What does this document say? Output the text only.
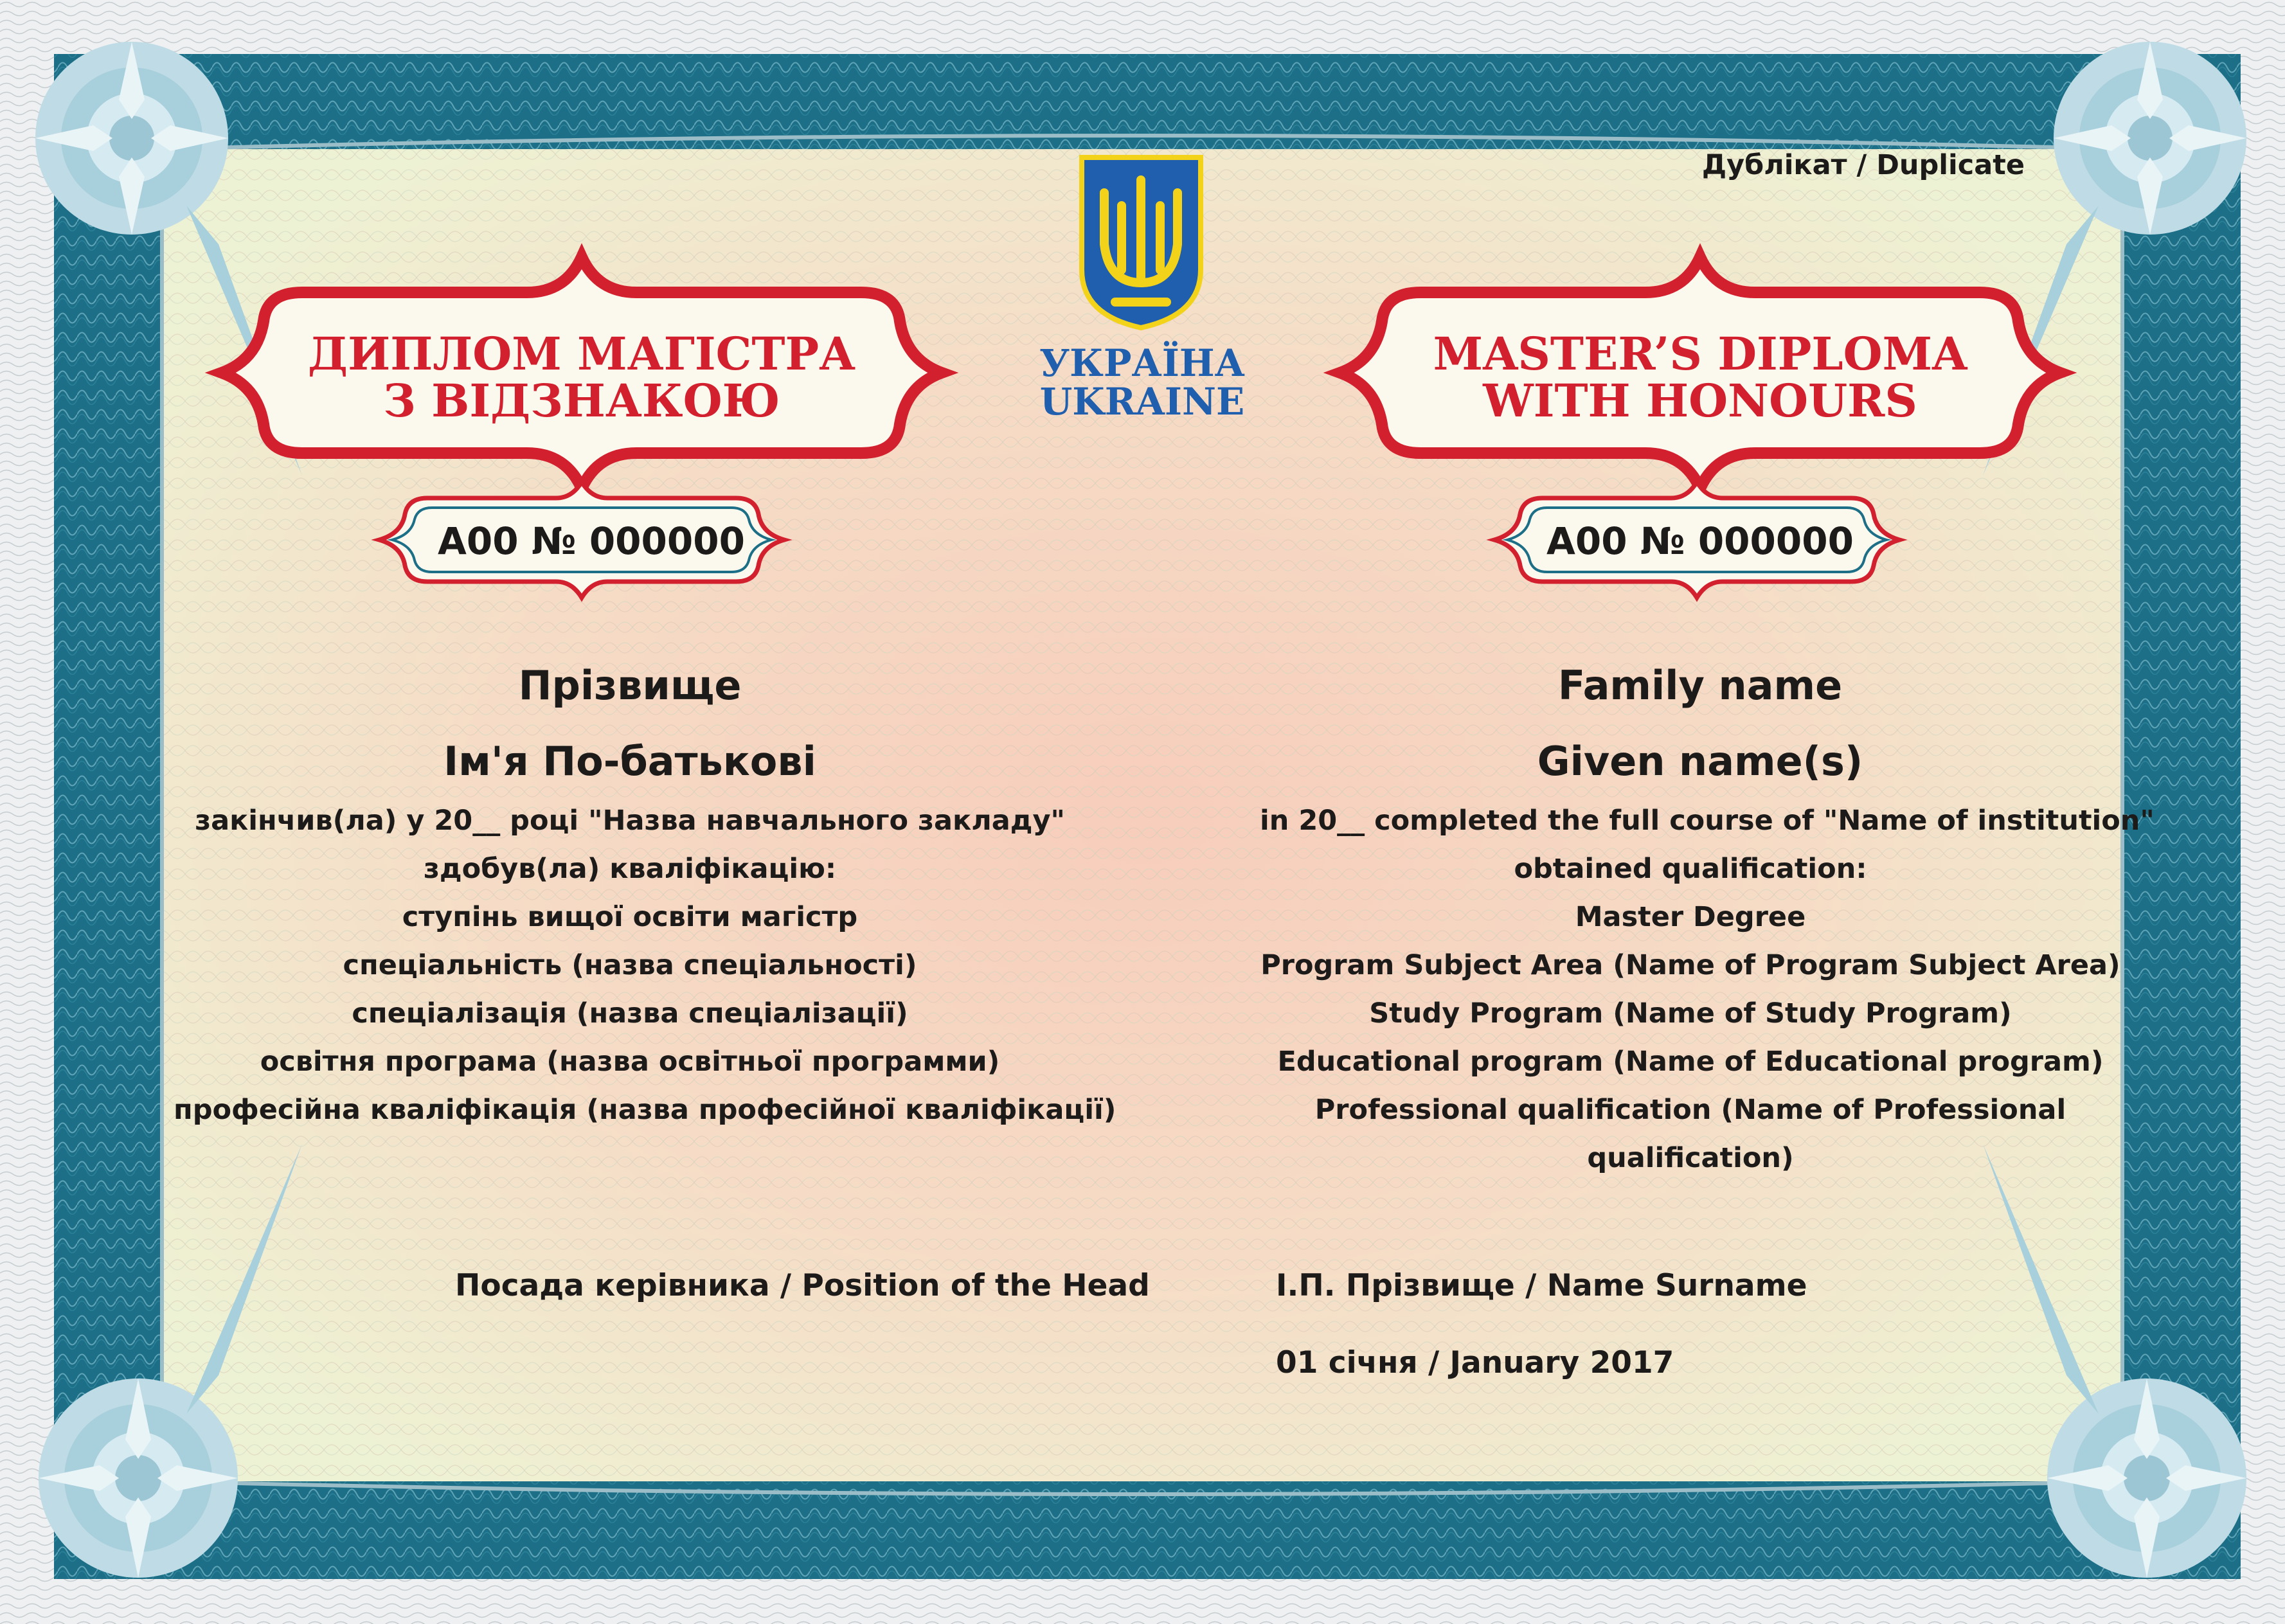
ДИПЛОМ МАГІСТРА
З ВІДЗНАКОЮ
А00 № 000000
MASTER’S DIPLOMA
WITH HONOURS
A00 № 000000
УКРАЇНА
UKRAINE
Дублікат / Duplicate
Прізвище
Ім'я По-батькові
закінчив(ла) у 20__ році "Назва навчального закладу"
здобув(ла) кваліфікацію:
ступінь вищої освіти магістр
спеціальність (назва спеціальності)
спеціалізація (назва спеціалізації)
освітня програма (назва освітньої программи)
професійна кваліфікація (назва професійної кваліфікації)
Family name
Given name(s)
in 20__ completed the full course of "Name of institution"
obtained qualification:
Master Degree
Program Subject Area (Name of Program Subject Area)
Study Program (Name of Study Program)
Educational program (Name of Educational program)
Professional qualification (Name of Professional
qualification)
Посада керівника / Position of the Head	І.П. Прізвище / Name Surname
01 січня / January 2017
